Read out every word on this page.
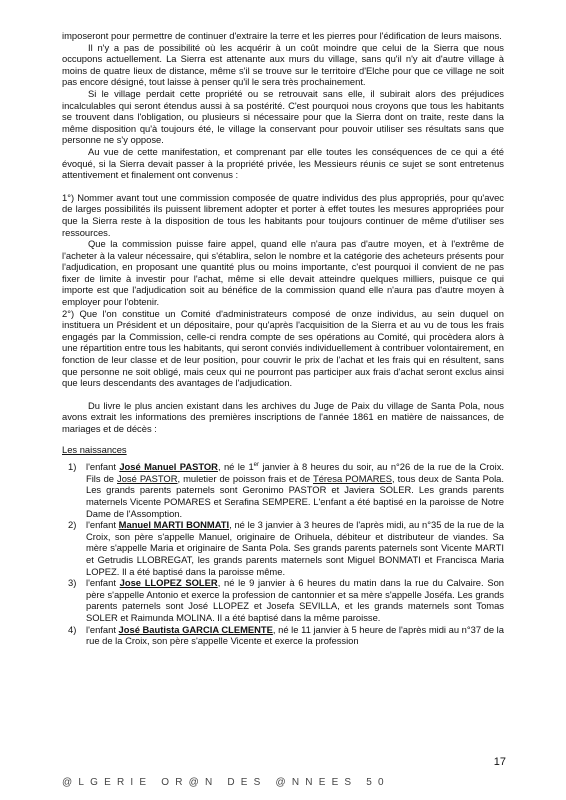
imposeront pour permettre de continuer d'extraire la terre et les pierres pour l'édification de leurs maisons.

Il n'y a pas de possibilité où les acquérir à un coût moindre que celui de la Sierra que nous occupons actuellement. La Sierra est attenante aux murs du village, sans qu'il n'y ait d'autre village à moins de quatre lieux de distance, même s'il se trouve sur le territoire d'Elche pour que ce village ne soit pas encore désigné, tout laisse à penser qu'il le sera très prochainement.

Si le village perdait cette propriété ou se retrouvait sans elle, il subirait alors des préjudices incalculables qui seront étendus aussi à sa postérité. C'est pourquoi nous croyons que tous les habitants se trouvent dans l'obligation, ou plusieurs si nécessaire pour que la Sierra dont on traite, reste dans la même disposition qu'à toujours été, le village la conservant pour pouvoir utiliser ses résultats sans que personne ne s'y oppose.

Au vue de cette manifestation, et comprenant par elle toutes les conséquences de ce qui a été évoqué, si la Sierra devait passer à la propriété privée, les Messieurs réunis ce sujet se sont entretenus attentivement et finalement ont convenus :

1°) Nommer avant tout une commission composée de quatre individus des plus appropriés, pour qu'avec de larges possibilités ils puissent librement adopter et porter à effet toutes les mesures appropriées pour que la Sierra reste à la disposition de tous les habitants pour toujours continuer de même d'utiliser ses ressources.

Que la commission puisse faire appel, quand elle n'aura pas d'autre moyen, et à l'extrême de l'acheter à la valeur nécessaire, qui s'établira, selon le nombre et la catégorie des acheteurs présents pour l'adjudication, en proposant une quantité plus ou moins importante, c'est pourquoi il convient de ne pas fixer de limite à investir pour l'achat, même si elle devait atteindre quelques milliers, puisque ce qui importe est que l'adjudication soit au bénéfice de la commission quand elle n'aura pas d'autre moyen à employer pour l'obtenir.

2°) Que l'on constitue un Comité d'administrateurs composé de onze individus, au sein duquel on instituera un Président et un dépositaire, pour qu'après l'acquisition de la Sierra et au vu de tous les frais engagés par la Commission, celle-ci rendra compte de ses opérations au Comité, qui procèdera alors à une répartition entre tous les habitants, qui seront conviés individuellement à contribuer volontairement, en fonction de leur classe et de leur position, pour couvrir le prix de l'achat et les frais qui en résultent, sans que personne ne soit obligé, mais ceux qui ne pourront pas participer aux frais d'achat seront exclus ainsi que leurs descendants des avantages de l'adjudication.

Du livre le plus ancien existant dans les archives du Juge de Paix du village de Santa Pola, nous avons extrait les informations des premières inscriptions de l'année 1861 en matière de naissances, de mariages et de décès :

Les naissances

1) l'enfant José Manuel PASTOR, né le 1er janvier à 8 heures du soir, au n°26 de la rue de la Croix. Fils de José PASTOR, muletier de poisson frais et de Téresa POMARES, tous deux de Santa Pola. Les grands parents paternels sont Geronimo PASTOR et Javiera SOLER. Les grands parents maternels Vicente POMARES et Serafina SEMPERE. L'enfant a été baptisé en la paroisse de Notre Dame de l'Assomption.
2) l'enfant Manuel MARTI BONMATI, né le 3 janvier à 3 heures de l'après midi, au n°35 de la rue de la Croix, son père s'appelle Manuel, originaire de Orihuela, débiteur et distributeur de viandes. Sa mère s'appelle Maria et originaire de Santa Pola. Ses grands parents paternels sont Vicente MARTI et Getrudis LLOBREGAT, les grands parents maternels sont Miguel BONMATI et Francisca Maria LOPEZ. Il a été baptisé dans la paroisse même.
3) l'enfant Jose LLOPEZ SOLER, né le 9 janvier à 6 heures du matin dans la rue du Calvaire. Son père s'appelle Antonio et exerce la profession de cantonnier et sa mère s'appelle Joséfa. Les grands parents paternels sont José LLOPEZ et Josefa SEVILLA, et les grands maternels sont Tomas SOLER et Raimunda MOLINA. Il a été baptisé dans la même paroisse.
4) l'enfant José Bautista GARCIA CLEMENTE, né le 11 janvier à 5 heure de l'après midi au n°37 de la rue de la Croix, son père s'appelle Vicente et exerce la profession
17
@LGERIE OR@N DES @NNEES 50
